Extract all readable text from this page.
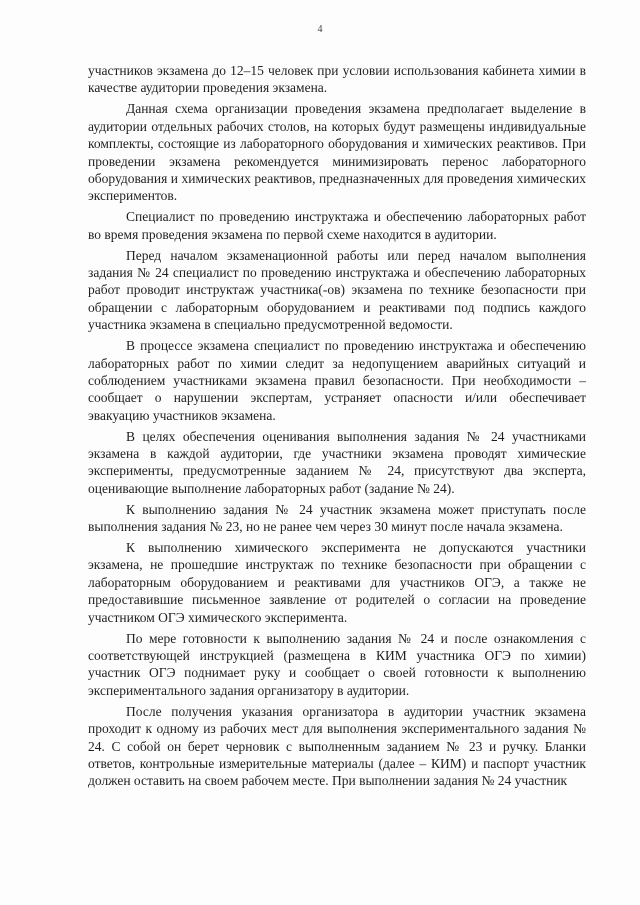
4

участников экзамена до 12–15 человек при условии использования кабинета химии в качестве аудитории проведения экзамена.

Данная схема организации проведения экзамена предполагает выделение в аудитории отдельных рабочих столов, на которых будут размещены индивидуальные комплекты, состоящие из лабораторного оборудования и химических реактивов. При проведении экзамена рекомендуется минимизировать перенос лабораторного оборудования и химических реактивов, предназначенных для проведения химических экспериментов.

Специалист по проведению инструктажа и обеспечению лабораторных работ во время проведения экзамена по первой схеме находится в аудитории.

Перед началом экзаменационной работы или перед началом выполнения задания № 24 специалист по проведению инструктажа и обеспечению лабораторных работ проводит инструктаж участника(-ов) экзамена по технике безопасности при обращении с лабораторным оборудованием и реактивами под подпись каждого участника экзамена в специально предусмотренной ведомости.

В процессе экзамена специалист по проведению инструктажа и обеспечению лабораторных работ по химии следит за недопущением аварийных ситуаций и соблюдением участниками экзамена правил безопасности. При необходимости – сообщает о нарушении экспертам, устраняет опасности и/или обеспечивает эвакуацию участников экзамена.

В целях обеспечения оценивания выполнения задания № 24 участниками экзамена в каждой аудитории, где участники экзамена проводят химические эксперименты, предусмотренные заданием № 24, присутствуют два эксперта, оценивающие выполнение лабораторных работ (задание № 24).

К выполнению задания № 24 участник экзамена может приступать после выполнения задания № 23, но не ранее чем через 30 минут после начала экзамена.

К выполнению химического эксперимента не допускаются участники экзамена, не прошедшие инструктаж по технике безопасности при обращении с лабораторным оборудованием и реактивами для участников ОГЭ, а также не предоставившие письменное заявление от родителей о согласии на проведение участником ОГЭ химического эксперимента.

По мере готовности к выполнению задания № 24 и после ознакомления с соответствующей инструкцией (размещена в КИМ участника ОГЭ по химии) участник ОГЭ поднимает руку и сообщает о своей готовности к выполнению экспериментального задания организатору в аудитории.

После получения указания организатора в аудитории участник экзамена проходит к одному из рабочих мест для выполнения экспериментального задания № 24. С собой он берет черновик с выполненным заданием № 23 и ручку. Бланки ответов, контрольные измерительные материалы (далее – КИМ) и паспорт участник должен оставить на своем рабочем месте. При выполнении задания № 24 участник
